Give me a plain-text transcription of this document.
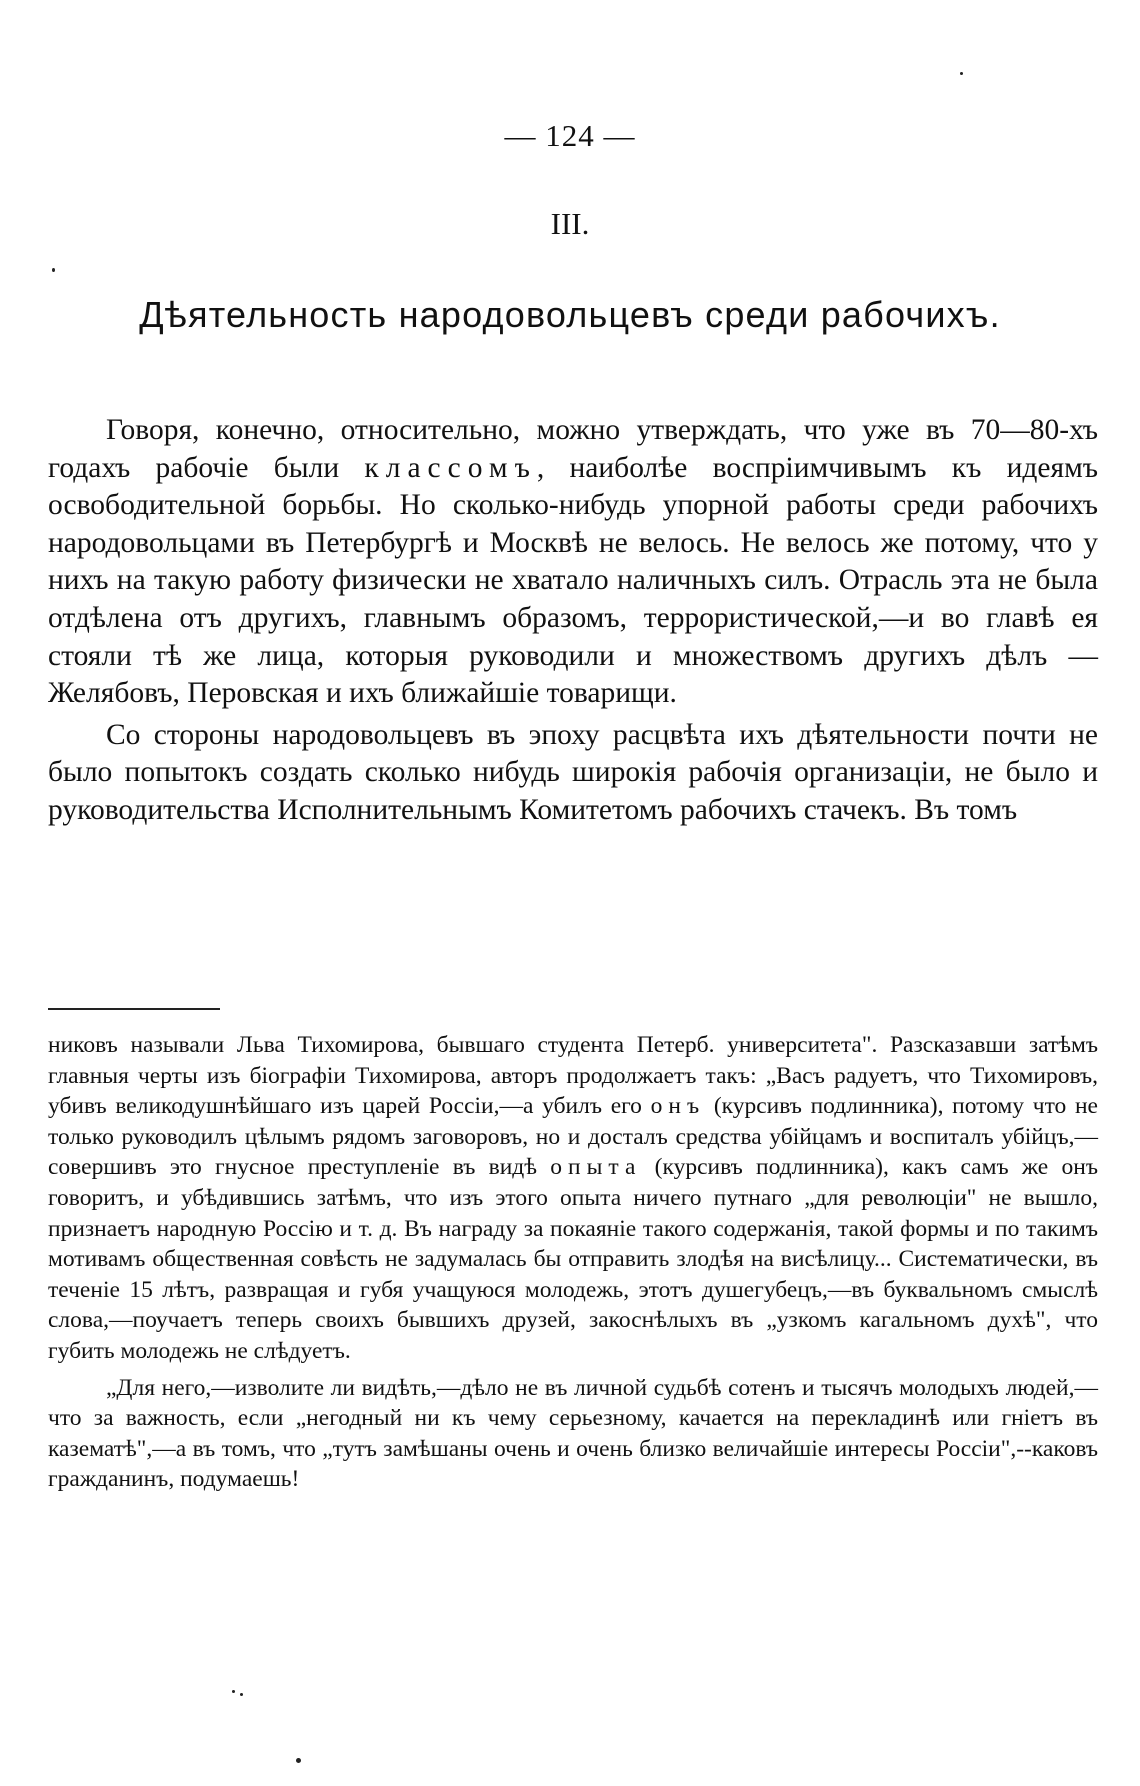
— 124 —
III.
Дѣятельность народовольцевъ среди рабочихъ.

Говоря, конечно, относительно, можно утверждать, что уже въ 70—80-хъ годахъ рабочіе были классомъ, наиболѣе воспріимчивымъ къ идеямъ освободительной борьбы. Но сколько-нибудь упорной работы среди рабочихъ народовольцами въ Петербургѣ и Москвѣ не велось. Не велось же потому, что у нихъ на такую работу физически не хватало наличныхъ силъ. Отрасль эта не была отдѣлена отъ другихъ, главнымъ образомъ, террористической,—и во главѣ ея стояли тѣ же лица, которыя руководили и множествомъ другихъ дѣлъ — Желябовъ, Перовская и ихъ ближайшіе товарищи.

Со стороны народовольцевъ въ эпоху расцвѣта ихъ дѣятельности почти не было попытокъ создать сколько нибудь широкія рабочія организаціи, не было и руководительства Исполнительнымъ Комитетомъ рабочихъ стачекъ. Въ томъ

никовъ называли Льва Тихомирова, бывшаго студента Петерб. университета". Разсказавши затѣмъ главныя черты изъ біографіи Тихомирова, авторъ продолжаетъ такъ: „Васъ радуетъ, что Тихомировъ, убивъ великодушнѣйшаго изъ царей Россіи,—а убилъ его онъ (курсивъ подлинника), потому что не только руководилъ цѣлымъ рядомъ заговоровъ, но и досталъ средства убійцамъ и воспиталъ убійцъ,—совершивъ это гнусное преступленіе въ видѣ опыта (курсивъ подлинника), какъ самъ же онъ говоритъ, и убѣдившись затѣмъ, что изъ этого опыта ничего путнаго „для революціи" не вышло, признаетъ народную Россію и т. д. Въ награду за покаяніе такого содержанія, такой формы и по такимъ мотивамъ общественная совѣсть не задумалась бы отправить злодѣя на висѣлицу... Систематически, въ теченіе 15 лѣтъ, развращая и губя учащуюся молодежь, этотъ душегубецъ,—въ буквальномъ смыслѣ слова,—поучаетъ теперь своихъ бывшихъ друзей, закоснѣлыхъ въ „узкомъ кагальномъ духѣ", что губить молодежь не слѣдуетъ.

„Для него,—изволите ли видѣть,—дѣло не въ личной судьбѣ сотенъ и тысячъ молодыхъ людей,—что за важность, если „негодный ни къ чему серьезному, качается на перекладинѣ или гніетъ въ казематѣ",—а въ томъ, что „тутъ замѣшаны очень и очень близко величайшіе интересы Россіи",--каковъ гражданинъ, подумаешь!
